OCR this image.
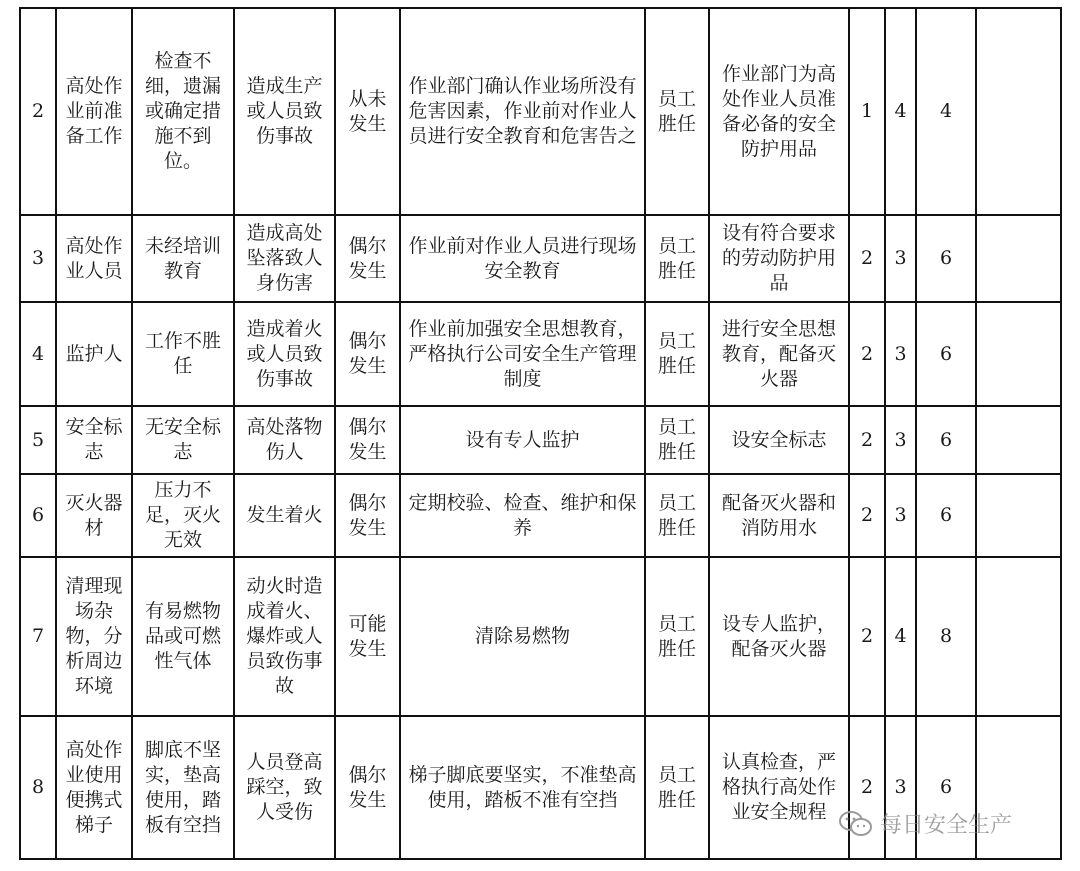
2	高处作业前准备工作	检查不细，遗漏或确定措施不到位。	造成生产或人员致伤事故	从未发生	作业部门确认作业场所没有危害因素，作业前对作业人员进行安全教育和危害告之	员工胜任	作业部门为高处作业人员准备必备的安全防护用品	1	4	4	
3	高处作业人员	未经培训教育	造成高处坠落致人身伤害	偶尔发生	作业前对作业人员进行现场安全教育	员工胜任	设有符合要求的劳动防护用品	2	3	6	
4	监护人	工作不胜任	造成着火或人员致伤事故	偶尔发生	作业前加强安全思想教育，严格执行公司安全生产管理制度	员工胜任	进行安全思想教育，配备灭火器	2	3	6	
5	安全标志	无安全标志	高处落物伤人	偶尔发生	设有专人监护	员工胜任	设安全标志	2	3	6	
6	灭火器材	压力不足，灭火无效	发生着火	偶尔发生	定期校验、检查、维护和保养	员工胜任	配备灭火器和消防用水	2	3	6	
7	清理现场杂物，分析周边环境	有易燃物品或可燃性气体	动火时造成着火、爆炸或人员致伤事故	可能发生	清除易燃物	员工胜任	设专人监护，配备灭火器	2	4	8	
8	高处作业使用便携式梯子	脚底不坚实，垫高使用，踏板有空挡	人员登高踩空，致人受伤	偶尔发生	梯子脚底要坚实，不准垫高使用，踏板不准有空挡	员工胜任	认真检查，严格执行高处作业安全规程	2	3	6	
每日安全生产
